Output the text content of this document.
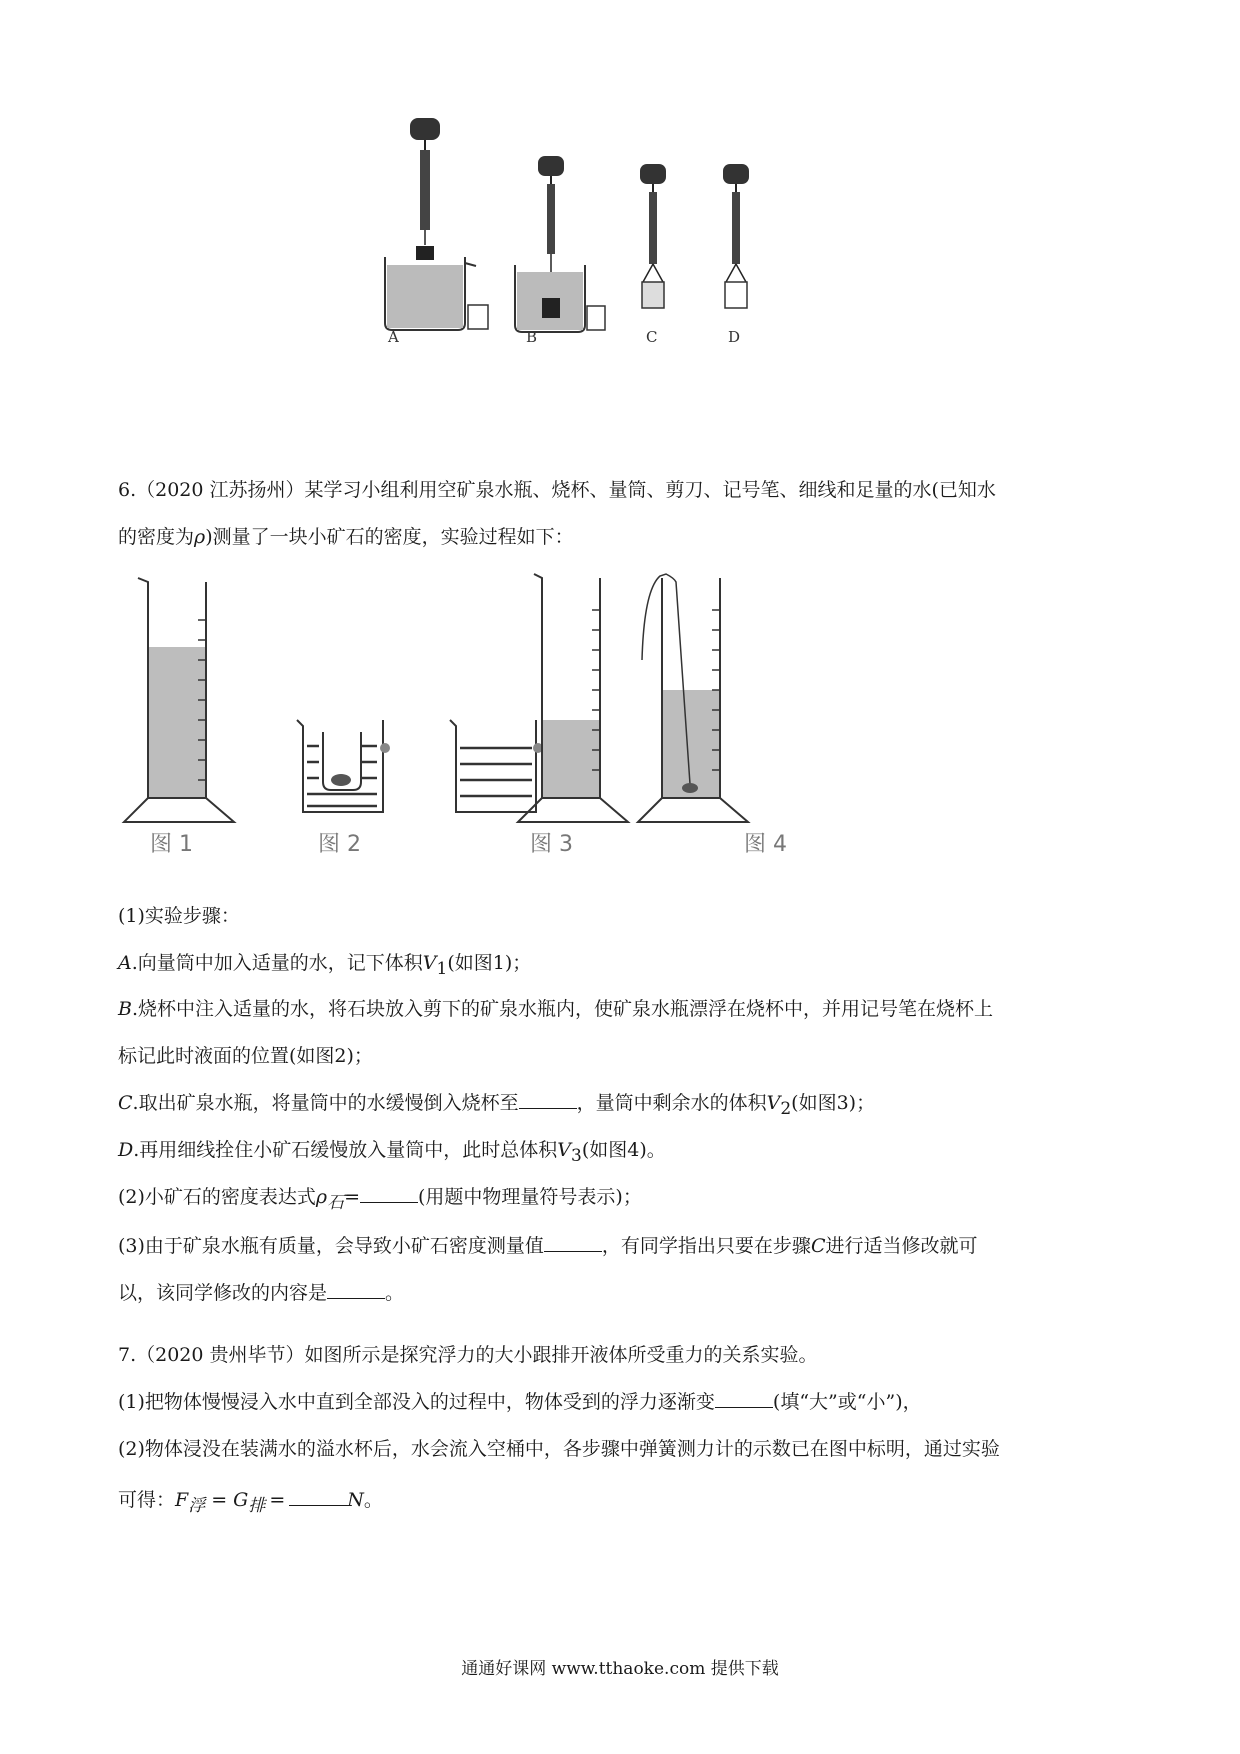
A	B	C	D
6.（2020 江苏扬州）某学习小组利用空矿泉水瓶、烧杯、量筒、剪刀、记号笔、细线和足量的水(已知水
的密度为ρ)测量了一块小矿石的密度，实验过程如下：
图 1	图 2	图 3	图 4
(1)实验步骤：
A.向量筒中加入适量的水，记下体积$V_1$(如图1)；
B.烧杯中注入适量的水，将石块放入剪下的矿泉水瓶内，使矿泉水瓶漂浮在烧杯中，并用记号笔在烧杯上
标记此时液面的位置(如图2)；
C.取出矿泉水瓶，将量筒中的水缓慢倒入烧杯至	，量筒中剩余水的体积$V_2$(如图3)；
D.再用细线拴住小矿石缓慢放入量筒中，此时总体积$V_3$(如图4)。
(2)小矿石的密度表达式$\rho_石=$	(用题中物理量符号表示)；
(3)由于矿泉水瓶有质量，会导致小矿石密度测量值	，有同学指出只要在步骤C进行适当修改就可
以，该同学修改的内容是	。
7.（2020 贵州毕节）如图所示是探究浮力的大小跟排开液体所受重力的关系实验。
(1)把物体慢慢浸入水中直到全部没入的过程中，物体受到的浮力逐渐变	(填“大”或“小”)，
(2)物体浸没在装满水的溢水杯后，水会流入空桶中，各步骤中弹簧测力计的示数已在图中标明，通过实验
可得：$F_浮 = G_排$ =	N。
通通好课网 www.tthaoke.com 提供下载
